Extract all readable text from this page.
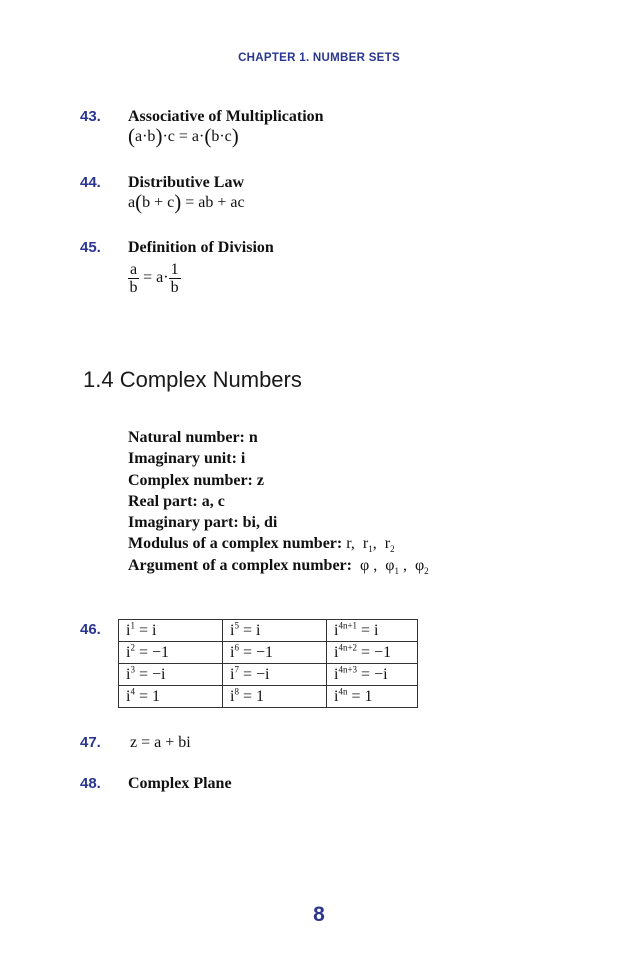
CHAPTER 1. NUMBER SETS
43. Associative of Multiplication
(a·b)·c = a·(b·c)
44. Distributive Law
a(b + c) = ab + ac
45. Definition of Division
$\frac{a}{b} = a\cdot \frac{1}{b}$
1.4 Complex Numbers
Natural number: n
Imaginary unit: i
Complex number: z
Real part: a, c
Imaginary part: bi, di
Modulus of a complex number: r,  $r_1$,  $r_2$
Argument of a complex number:  φ ,  $\varphi_1$ ,  $\varphi_2$
46. $i^1 = i$	$i^5 = i$	$i^{4n+1} = i$
$i^2 = -1$	$i^6 = -1$	$i^{4n+2} = -1$
$i^3 = -i$	$i^7 = -i$	$i^{4n+3} = -i$
$i^4 = 1$	$i^8 = 1$	$i^{4n} = 1$
47. z = a + bi
48. Complex Plane
8
